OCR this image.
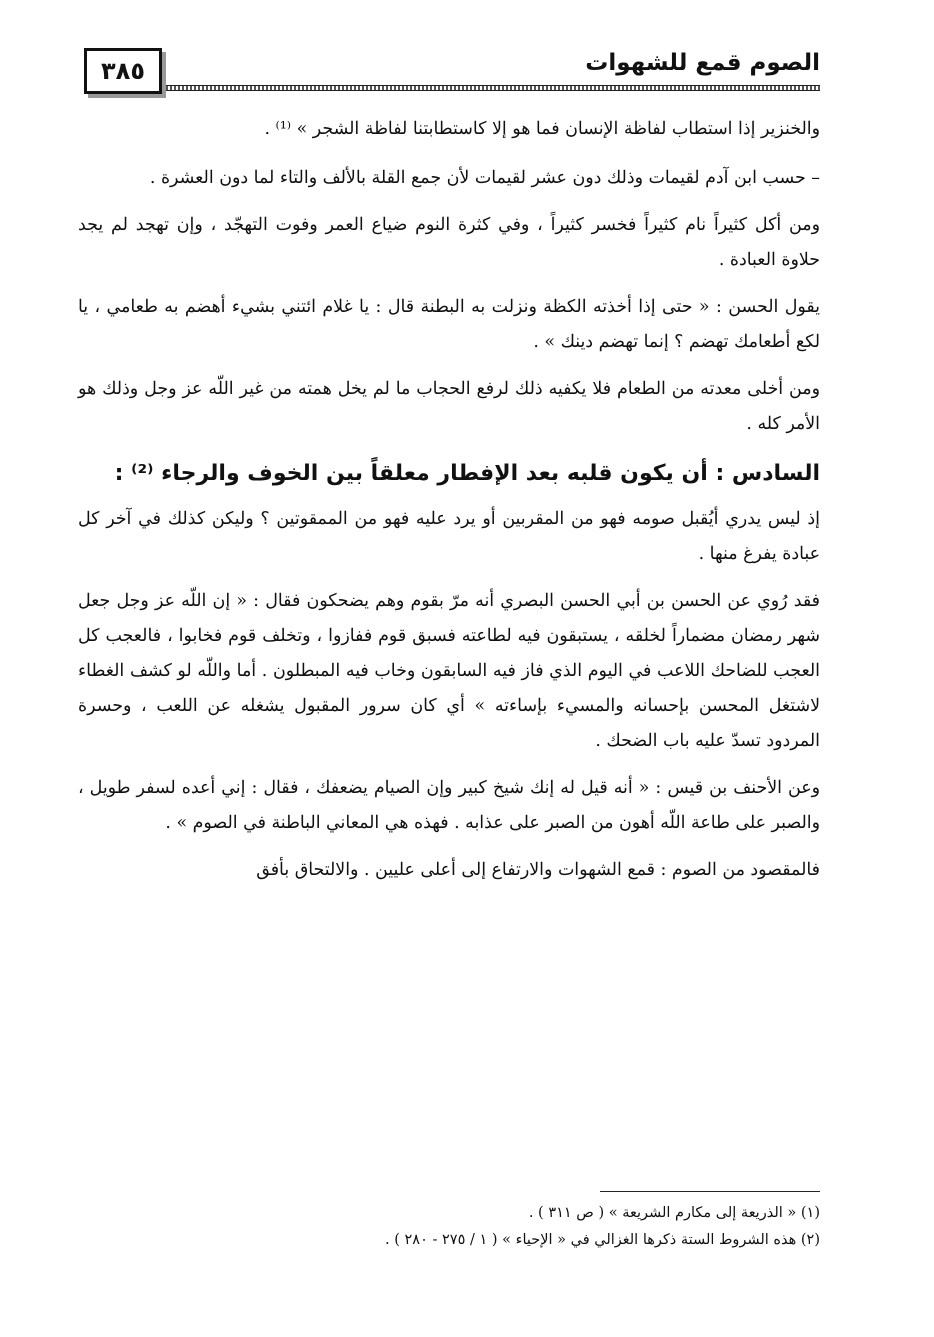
٣٨٥	الصوم قمع للشهوات

والخنزير إذا استطاب لفاظة الإنسان فما هو إلا كاستطابتنا لفاظة الشجر » ⁽¹⁾ .

– حسب ابن آدم لقيمات وذلك دون عشر لقيمات لأن جمع القلة بالألف والتاء لما دون العشرة .

ومن أكل كثيراً نام كثيراً فخسر كثيراً ، وفي كثرة النوم ضياع العمر وفوت التهجّد ، وإن تهجد لم يجد حلاوة العبادة .

يقول الحسن : « حتى إذا أخذته الكظة ونزلت به البطنة قال : يا غلام ائتني بشيء أهضم به طعامي ، يا لكع أطعامك تهضم ؟ إنما تهضم دينك » .

ومن أخلى معدته من الطعام فلا يكفيه ذلك لرفع الحجاب ما لم يخل همته من غير اللّه عز وجل وذلك هو الأمر كله .

السادس : أن يكون قلبه بعد الإفطار معلقاً بين الخوف والرجاء ⁽²⁾ :

إذ ليس يدري أيُقبل صومه فهو من المقربين أو يرد عليه فهو من الممقوتين ؟ وليكن كذلك في آخر كل عبادة يفرغ منها .

فقد رُوي عن الحسن بن أبي الحسن البصري أنه مرّ بقوم وهم يضحكون فقال : « إن اللّه عز وجل جعل شهر رمضان مضماراً لخلقه ، يستبقون فيه لطاعته فسبق قوم ففازوا ، وتخلف قوم فخابوا ، فالعجب كل العجب للضاحك اللاعب في اليوم الذي فاز فيه السابقون وخاب فيه المبطلون . أما واللّه لو كشف الغطاء لاشتغل المحسن بإحسانه والمسيء بإساءته » أي كان سرور المقبول يشغله عن اللعب ، وحسرة المردود تسدّ عليه باب الضحك .

وعن الأحنف بن قيس : « أنه قيل له إنك شيخ كبير وإن الصيام يضعفك ، فقال : إني أعده لسفر طويل ، والصبر على طاعة اللّه أهون من الصبر على عذابه . فهذه هي المعاني الباطنة في الصوم » .

فالمقصود من الصوم : قمع الشهوات والارتفاع إلى أعلى عليين . والالتحاق بأفق

(١) « الذريعة إلى مكارم الشريعة » ( ص ٣١١ ) .

(٢) هذه الشروط الستة ذكرها الغزالي في « الإحياء » ( ١ / ٢٧٥ - ٢٨٠ ) .
